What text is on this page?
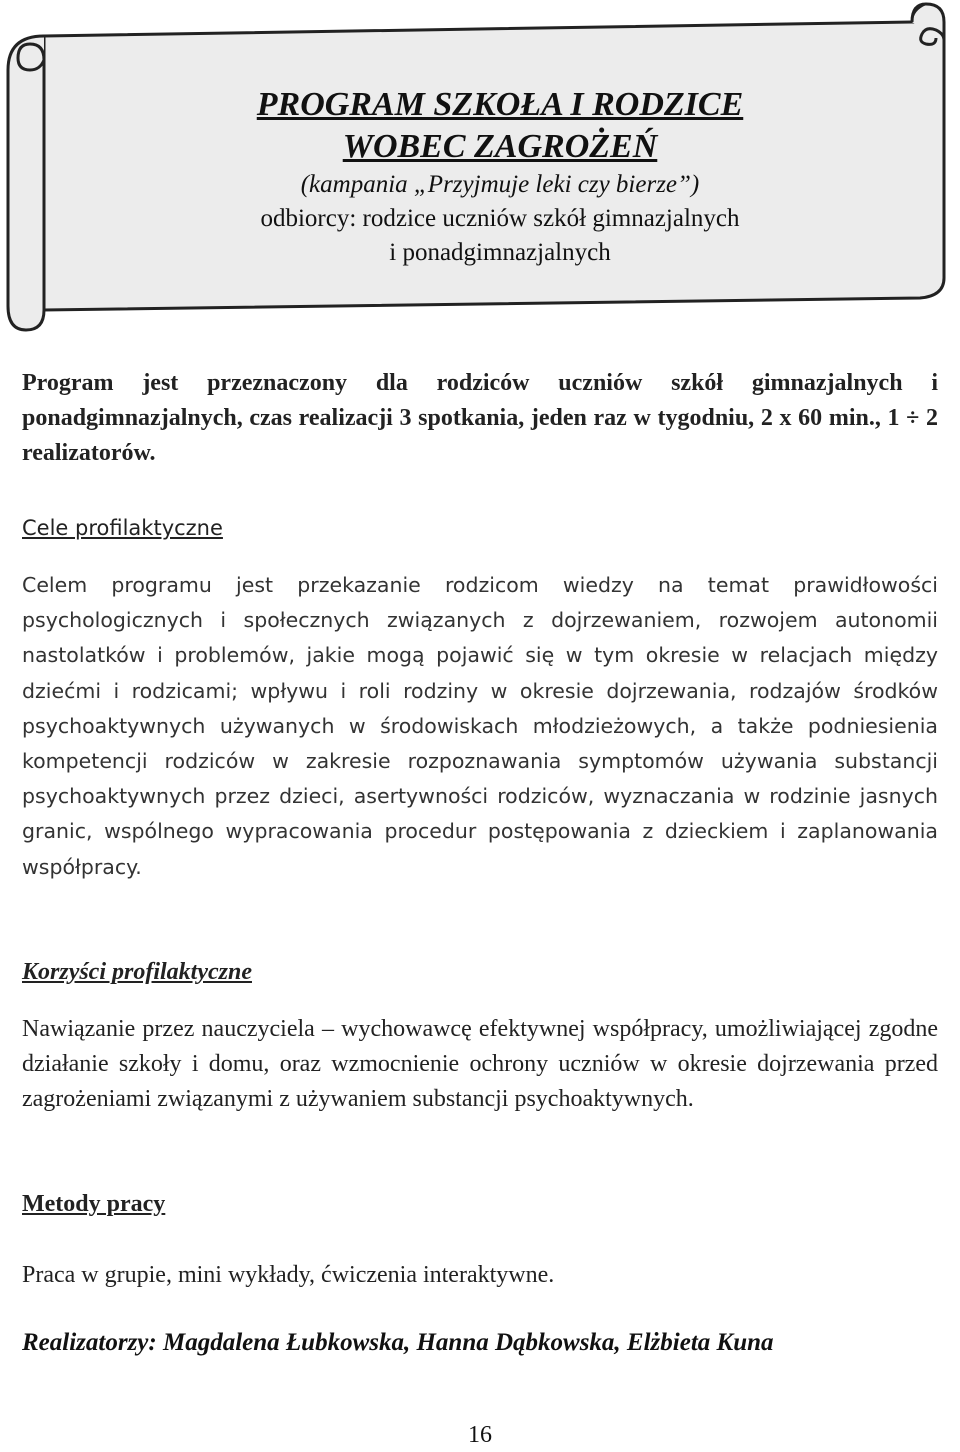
PROGRAM SZKOŁA I RODZICE
WOBEC ZAGROŻEŃ
(kampania „Przyjmuje leki czy bierze”)
odbiorcy: rodzice uczniów szkół gimnazjalnych
i ponadgimnazjalnych
Program jest przeznaczony dla rodziców uczniów szkół gimnazjalnych i ponadgimnazjalnych, czas realizacji 3 spotkania, jeden raz w tygodniu, 2 x 60 min., 1 ÷ 2 realizatorów.
Cele profilaktyczne
Celem programu jest przekazanie rodzicom wiedzy na temat prawidłowości psychologicznych i społecznych związanych z dojrzewaniem, rozwojem autonomii nastolatków i problemów, jakie mogą pojawić się w tym okresie w relacjach między dziećmi i rodzicami; wpływu i roli rodziny w okresie dojrzewania, rodzajów środków psychoaktywnych używanych w środowiskach młodzieżowych, a także podniesienia kompetencji rodziców w zakresie rozpoznawania symptomów używania substancji psychoaktywnych przez dzieci, asertywności rodziców, wyznaczania w rodzinie jasnych granic, wspólnego wypracowania procedur postępowania z dzieckiem i zaplanowania współpracy.
Korzyści profilaktyczne
Nawiązanie przez nauczyciela – wychowawcę efektywnej współpracy, umożliwiającej zgodne działanie szkoły i domu, oraz wzmocnienie ochrony uczniów w okresie dojrzewania przed zagrożeniami związanymi z używaniem substancji psychoaktywnych.
Metody pracy
Praca w grupie, mini wykłady, ćwiczenia interaktywne.
Realizatorzy: Magdalena Łubkowska, Hanna Dąbkowska, Elżbieta Kuna
16
